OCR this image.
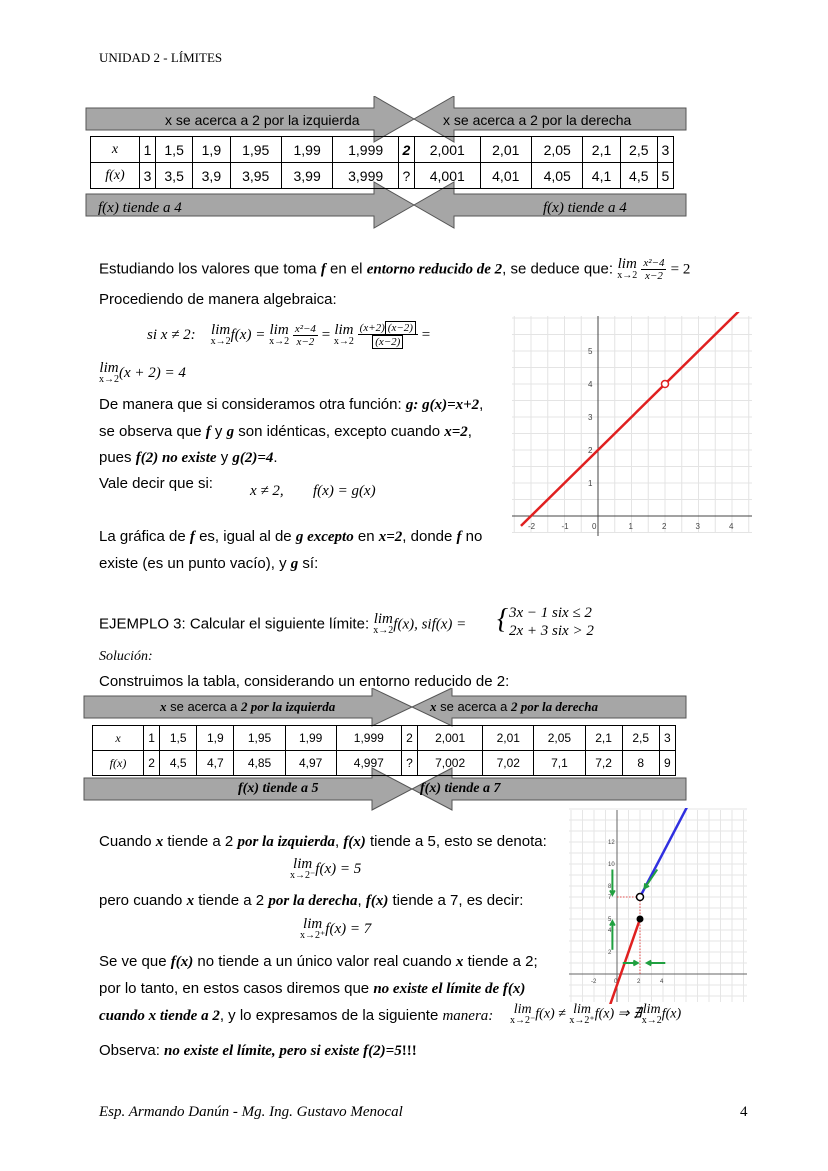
UNIDAD 2 - LÍMITES
x se acerca a 2 por la izquierda	x se acerca a 2 por la derecha
x	1	1,5	1,9	1,95	1,99	1,999	2	2,001	2,01	2,05	2,1	2,5	3
f(x)	3	3,5	3,9	3,95	3,99	3,999	?	4,001	4,01	4,05	4,1	4,5	5
f(x) tiende a 4	f(x) tiende a 4
Estudiando los valores que toma f en el entorno reducido de 2, se deduce que: lim
x→2
$\frac{\text{x²−4}}{x-2} = 2$
Procediendo de manera algebraica:
si x ≠ 2: lim
x→2 f(x) = lim
x→2
$\frac{\text{x²−4}}{x-2} = \lim$
x→2
$\frac{(x+2) (x-2)}{(x-2)}$ =
lim
x→2 (x + 2) = 4
De manera que si consideramos otra función: g: g(x)=x+2,
se observa que f y g son idénticas, excepto cuando x=2,
pues f(2) no existe y g(2)=4.
Vale decir que si: x ≠ 2, f(x) = g(x)
La gráfica de f es, igual al de g excepto en x=2, donde f no
existe (es un punto vacío), y g sí:
-2	-1	0	1	2	3	4
1
2
3
4
5
EJEMPLO 3: Calcular el siguiente límite: lim
x→2 f(x), sif(x) = { 3x − 1 six ≤ 2
2x + 3 six > 2
Solución:
Construimos la tabla, considerando un entorno reducido de 2:
x se acerca a 2 por la izquierda	x se acerca a 2 por la derecha
x	1	1,5	1,9	1,95	1,99	1,999	2	2,001	2,01	2,05	2,1	2,5	3
f(x)	2	4,5	4,7	4,85	4,97	4,997	?	7,002	7,02	7,1	7,2	8	9
f(x) tiende a 5	f(x) tiende a 7
Cuando x tiende a 2 por la izquierda, f(x) tiende a 5, esto se denota:
lim
x→2⁻ f(x) = 5
pero cuando x tiende a 2 por la derecha, f(x) tiende a 7, es decir:
lim
x→2⁺ f(x) = 7
Se ve que f(x) no tiende a un único valor real cuando x tiende a 2;
por lo tanto, en estos casos diremos que no existe el límite de f(x)
cuando x tiende a 2, y lo expresamos de la siguiente manera: lim
x→2⁻ f(x) ≠ lim
x→2⁺ f(x) ⇒ ∄ lim
x→2 f(x)
Observa: no existe el límite, pero si existe f(2)=5!!!
-2	0	2	4
2
4
5
7
8
10
12
Esp. Armando Danún - Mg. Ing. Gustavo Menocal	4
